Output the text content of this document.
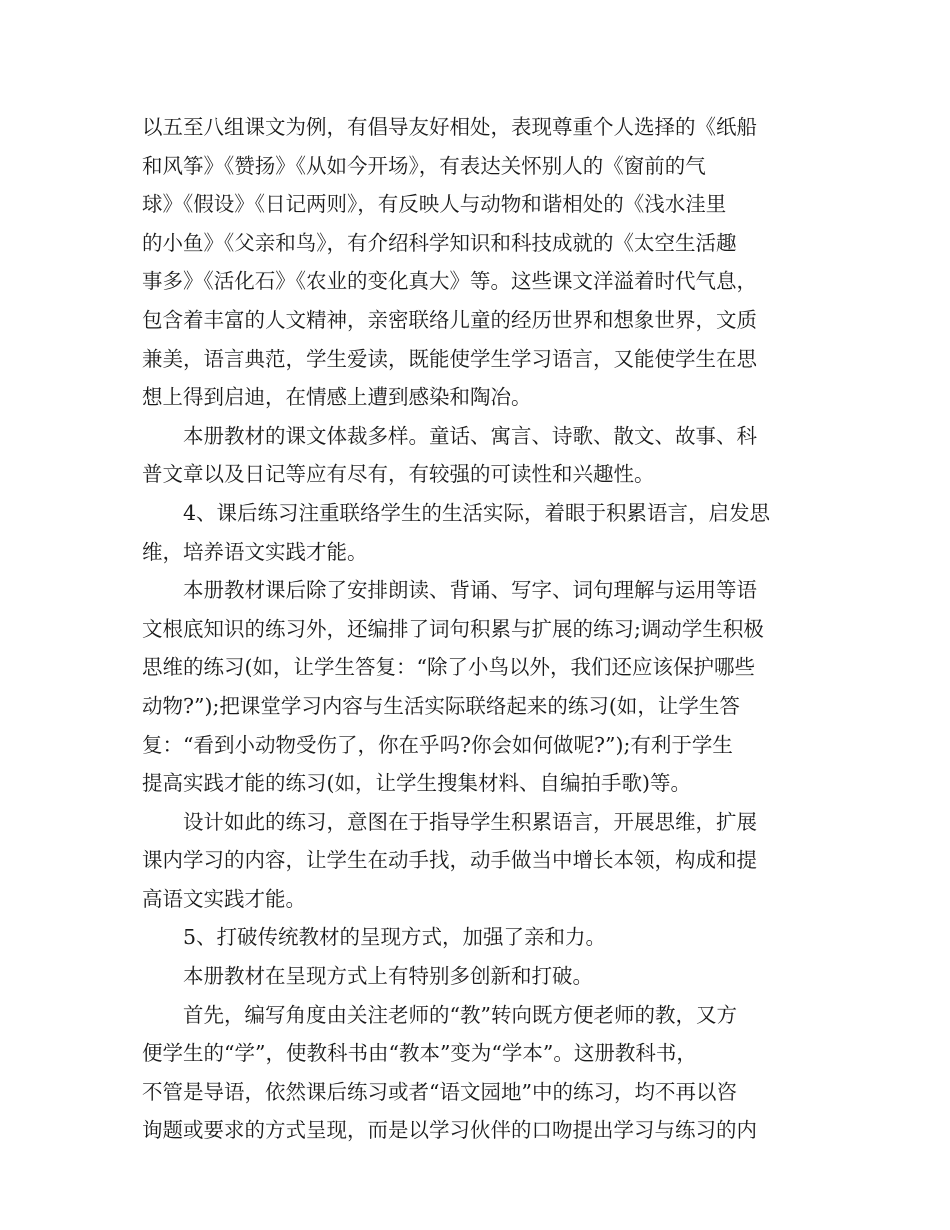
以五至八组课文为例，有倡导友好相处，表现尊重个人选择的《纸船
和风筝》《赞扬》《从如今开场》，有表达关怀别人的《窗前的气
球》《假设》《日记两则》，有反映人与动物和谐相处的《浅水洼里
的小鱼》《父亲和鸟》，有介绍科学知识和科技成就的《太空生活趣
事多》《活化石》《农业的变化真大》等。这些课文洋溢着时代气息，
包含着丰富的人文精神，亲密联络儿童的经历世界和想象世界，文质
兼美，语言典范，学生爱读，既能使学生学习语言，又能使学生在思
想上得到启迪，在情感上遭到感染和陶冶。
本册教材的课文体裁多样。童话、寓言、诗歌、散文、故事、科
普文章以及日记等应有尽有，有较强的可读性和兴趣性。
4、课后练习注重联络学生的生活实际，着眼于积累语言，启发思
维，培养语文实践才能。
本册教材课后除了安排朗读、背诵、写字、词句理解与运用等语
文根底知识的练习外，还编排了词句积累与扩展的练习;调动学生积极
思维的练习(如，让学生答复：“除了小鸟以外，我们还应该保护哪些
动物?”);把课堂学习内容与生活实际联络起来的练习(如，让学生答
复：“看到小动物受伤了，你在乎吗?你会如何做呢?”);有利于学生
提高实践才能的练习(如，让学生搜集材料、自编拍手歌)等。
设计如此的练习，意图在于指导学生积累语言，开展思维，扩展
课内学习的内容，让学生在动手找，动手做当中增长本领，构成和提
高语文实践才能。
5、打破传统教材的呈现方式，加强了亲和力。
本册教材在呈现方式上有特别多创新和打破。
首先，编写角度由关注老师的“教”转向既方便老师的教，又方
便学生的“学”，使教科书由“教本”变为“学本”。这册教科书，
不管是导语，依然课后练习或者“语文园地”中的练习，均不再以咨
询题或要求的方式呈现，而是以学习伙伴的口吻提出学习与练习的内
